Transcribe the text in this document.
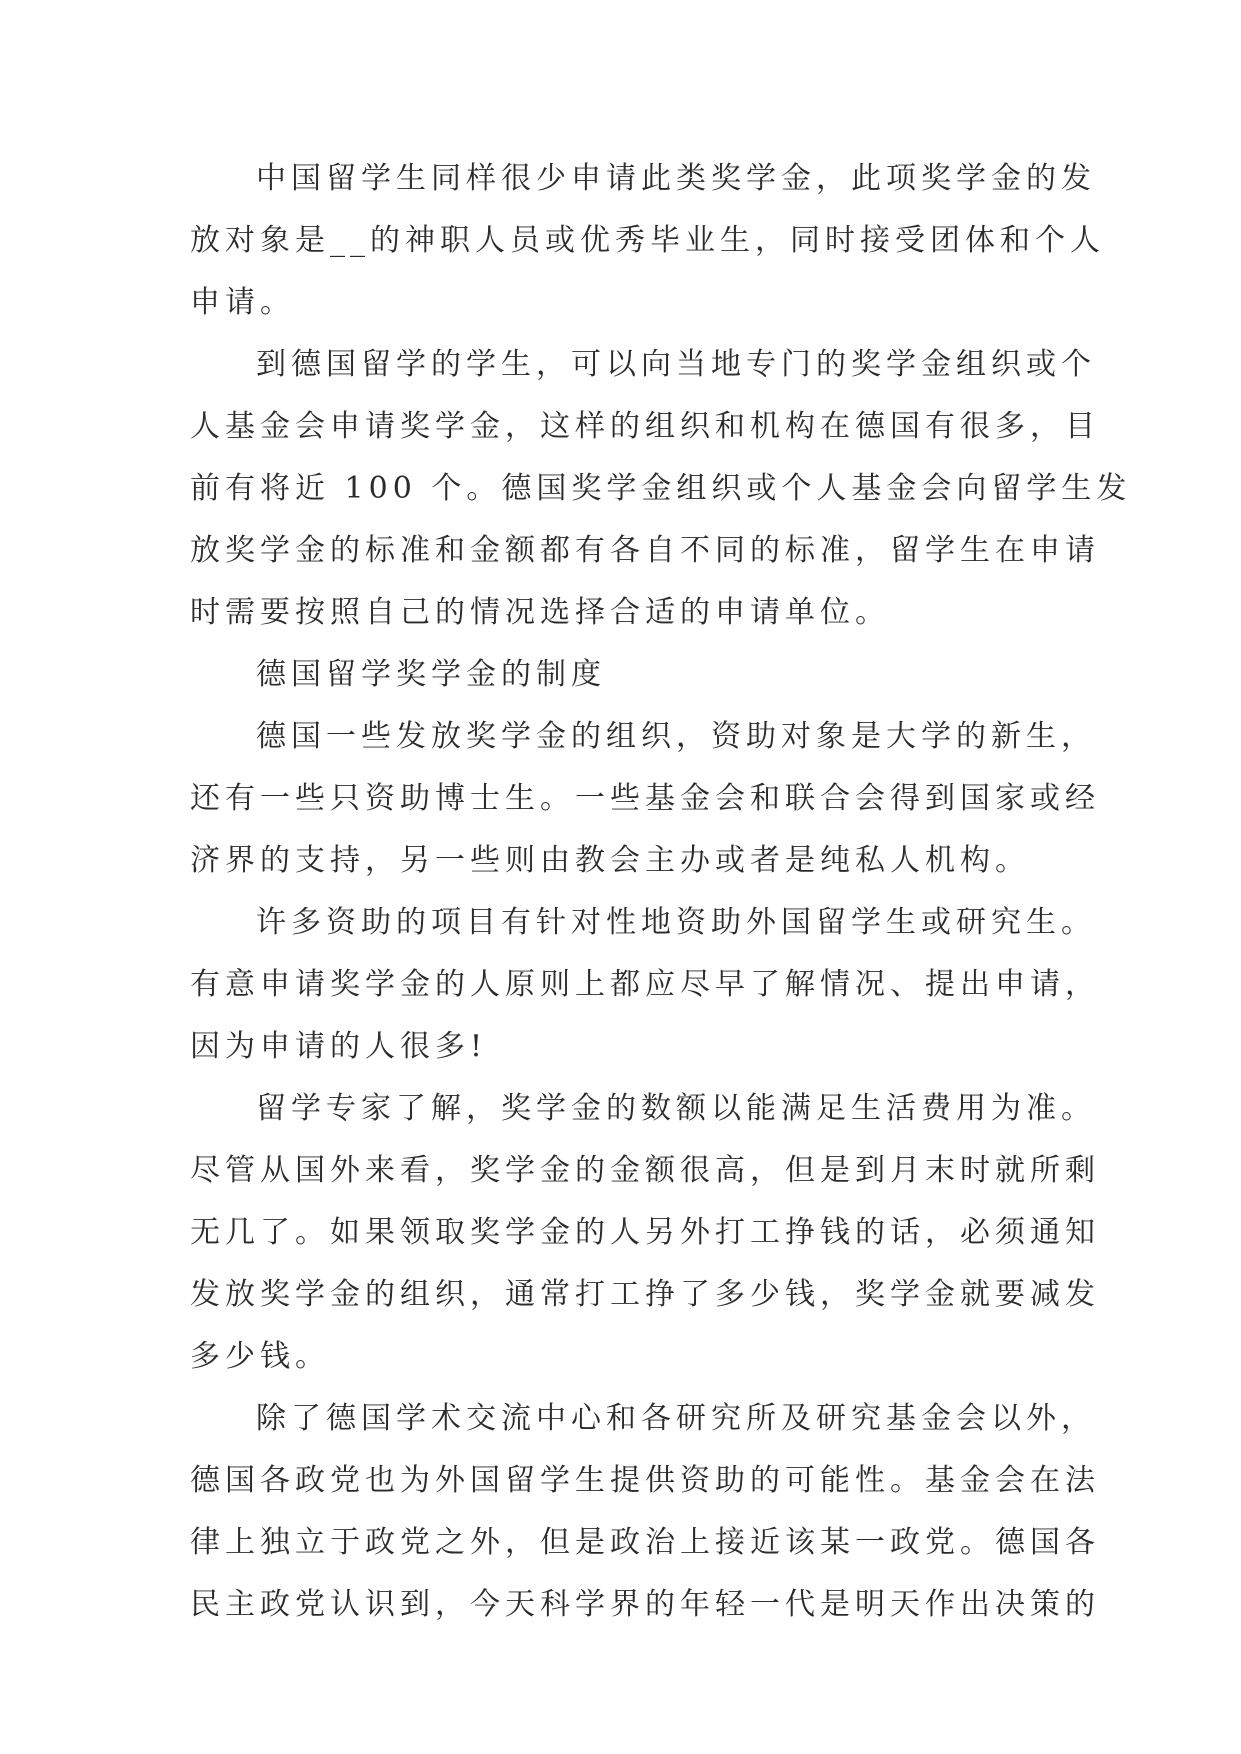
中国留学生同样很少申请此类奖学金，此项奖学金的发
放对象是__的神职人员或优秀毕业生，同时接受团体和个人
申请。
到德国留学的学生，可以向当地专门的奖学金组织或个
人基金会申请奖学金，这样的组织和机构在德国有很多，目
前有将近 100 个。德国奖学金组织或个人基金会向留学生发
放奖学金的标准和金额都有各自不同的标准，留学生在申请
时需要按照自己的情况选择合适的申请单位。
德国留学奖学金的制度
德国一些发放奖学金的组织，资助对象是大学的新生，
还有一些只资助博士生。一些基金会和联合会得到国家或经
济界的支持，另一些则由教会主办或者是纯私人机构。
许多资助的项目有针对性地资助外国留学生或研究生。
有意申请奖学金的人原则上都应尽早了解情况、提出申请，
因为申请的人很多!
留学专家了解，奖学金的数额以能满足生活费用为准。
尽管从国外来看，奖学金的金额很高，但是到月末时就所剩
无几了。如果领取奖学金的人另外打工挣钱的话，必须通知
发放奖学金的组织，通常打工挣了多少钱，奖学金就要减发
多少钱。
除了德国学术交流中心和各研究所及研究基金会以外，
德国各政党也为外国留学生提供资助的可能性。基金会在法
律上独立于政党之外，但是政治上接近该某一政党。德国各
民主政党认识到，今天科学界的年轻一代是明天作出决策的
